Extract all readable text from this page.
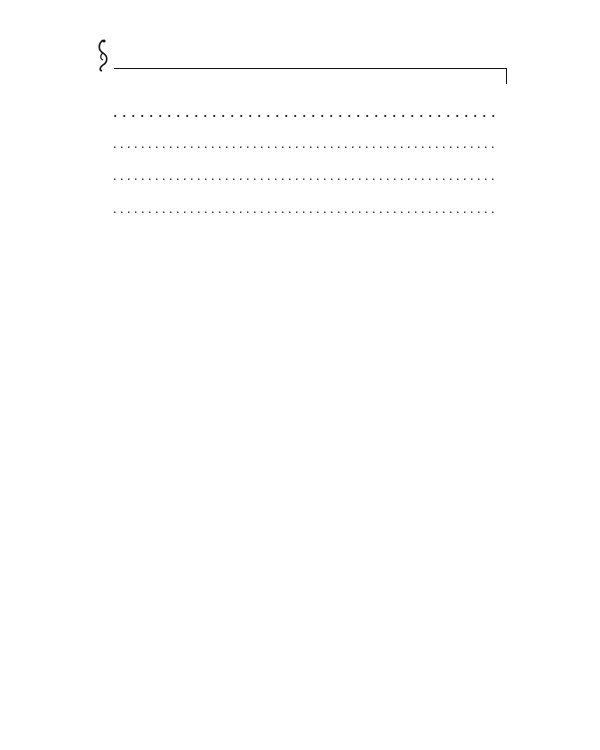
. . .
. . .
. . .
. . .
